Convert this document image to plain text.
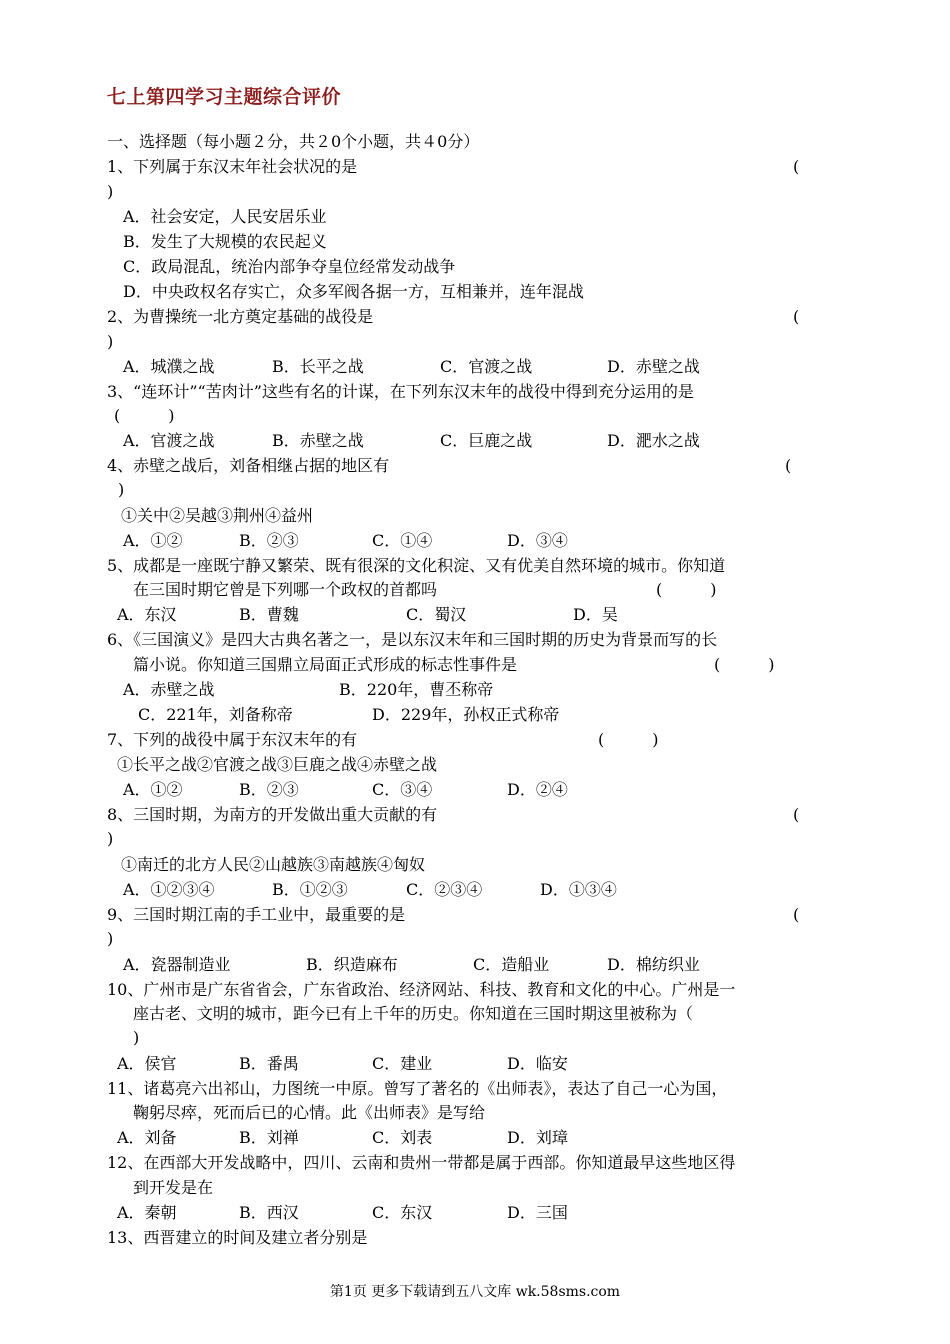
七上第四学习主题综合评价
一、选择题（每小题２分，共２0个小题，共４0分）
1、下列属于东汉末年社会状况的是	(
)
A．社会安定，人民安居乐业
B．发生了大规模的农民起义
C．政局混乱，统治内部争夺皇位经常发动战争
D．中央政权名存实亡，众多军阀各据一方，互相兼并，连年混战
2、为曹操统一北方奠定基础的战役是	(
)
A．城濮之战	B．长平之战	C．官渡之战	D．赤壁之战
3、“连环计”“苦肉计”这些有名的计谋，在下列东汉末年的战役中得到充分运用的是
(　　　)
A．官渡之战	B．赤壁之战	C．巨鹿之战	D．淝水之战
4、赤壁之战后，刘备相继占据的地区有	(
)
①关中②吴越③荆州④益州
A．①②	B．②③	C．①④	D．③④
5、成都是一座既宁静又繁荣、既有很深的文化积淀、又有优美自然环境的城市。你知道
在三国时期它曾是下列哪一个政权的首都吗	(　　　)
A．东汉	B．曹魏	C．蜀汉	D．吴
6、《三国演义》是四大古典名著之一，是以东汉末年和三国时期的历史为背景而写的长
篇小说。你知道三国鼎立局面正式形成的标志性事件是	(　　　)
A．赤壁之战	B．220年，曹丕称帝
C．221年，刘备称帝	D．229年，孙权正式称帝
7、下列的战役中属于东汉末年的有	(　　　)
①长平之战②官渡之战③巨鹿之战④赤壁之战
A．①②	B．②③	C．③④	D．②④
8、三国时期，为南方的开发做出重大贡献的有	(
)
①南迁的北方人民②山越族③南越族④匈奴
A．①②③④	B．①②③	C．②③④	D．①③④
9、三国时期江南的手工业中，最重要的是	(
)
A．瓷器制造业	B．织造麻布	C．造船业	D．棉纺织业
10、广州市是广东省省会，广东省政治、经济网站、科技、教育和文化的中心。广州是一
座古老、文明的城市，距今已有上千年的历史。你知道在三国时期这里被称为（
)
A．侯官	B．番禺	C．建业	D．临安
11、诸葛亮六出祁山，力图统一中原。曾写了著名的《出师表》，表达了自己一心为国，
鞠躬尽瘁，死而后已的心情。此《出师表》是写给
A．刘备	B．刘禅	C．刘表	D．刘璋
12、在西部大开发战略中，四川、云南和贵州一带都是属于西部。你知道最早这些地区得
到开发是在
A．秦朝	B．西汉	C．东汉	D．三国
13、西晋建立的时间及建立者分别是
第1页 更多下载请到五八文库 wk.58sms.com
